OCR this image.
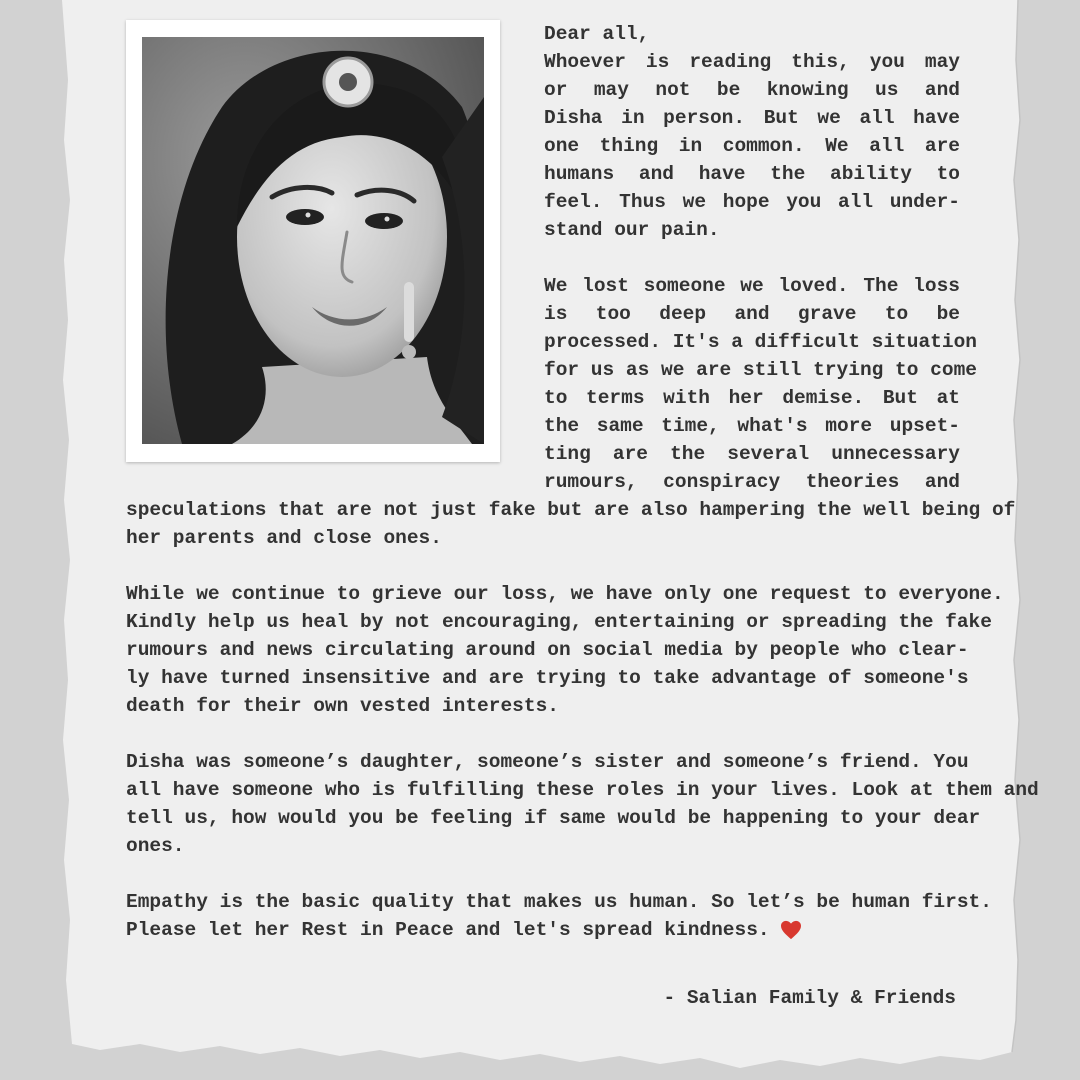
Dear all,
Whoever is reading this, you may
or may not be knowing us and
Disha in person. But we all have
one thing in common. We all are
humans and have the ability to
feel. Thus we hope you all under-
stand our pain.
We lost someone we loved. The loss
is too deep and grave to be
processed. It's a difficult situation
for us as we are still trying to come
to terms with her demise. But at
the same time, what's more upset-
ting are the several unnecessary
rumours, conspiracy theories and
speculations that are not just fake but are also hampering the well being of
her parents and close ones.
While we continue to grieve our loss, we have only one request to everyone.
Kindly help us heal by not encouraging, entertaining or spreading the fake
rumours and news circulating around on social media by people who clear-
ly have turned insensitive and are trying to take advantage of someone's
death for their own vested interests.
Disha was someone’s daughter, someone’s sister and someone’s friend. You
all have someone who is fulfilling these roles in your lives. Look at them and
tell us, how would you be feeling if same would be happening to your dear
ones.
Empathy is the basic quality that makes us human. So let’s be human first.
Please let her Rest in Peace and let's spread kindness.
- Salian Family & Friends
